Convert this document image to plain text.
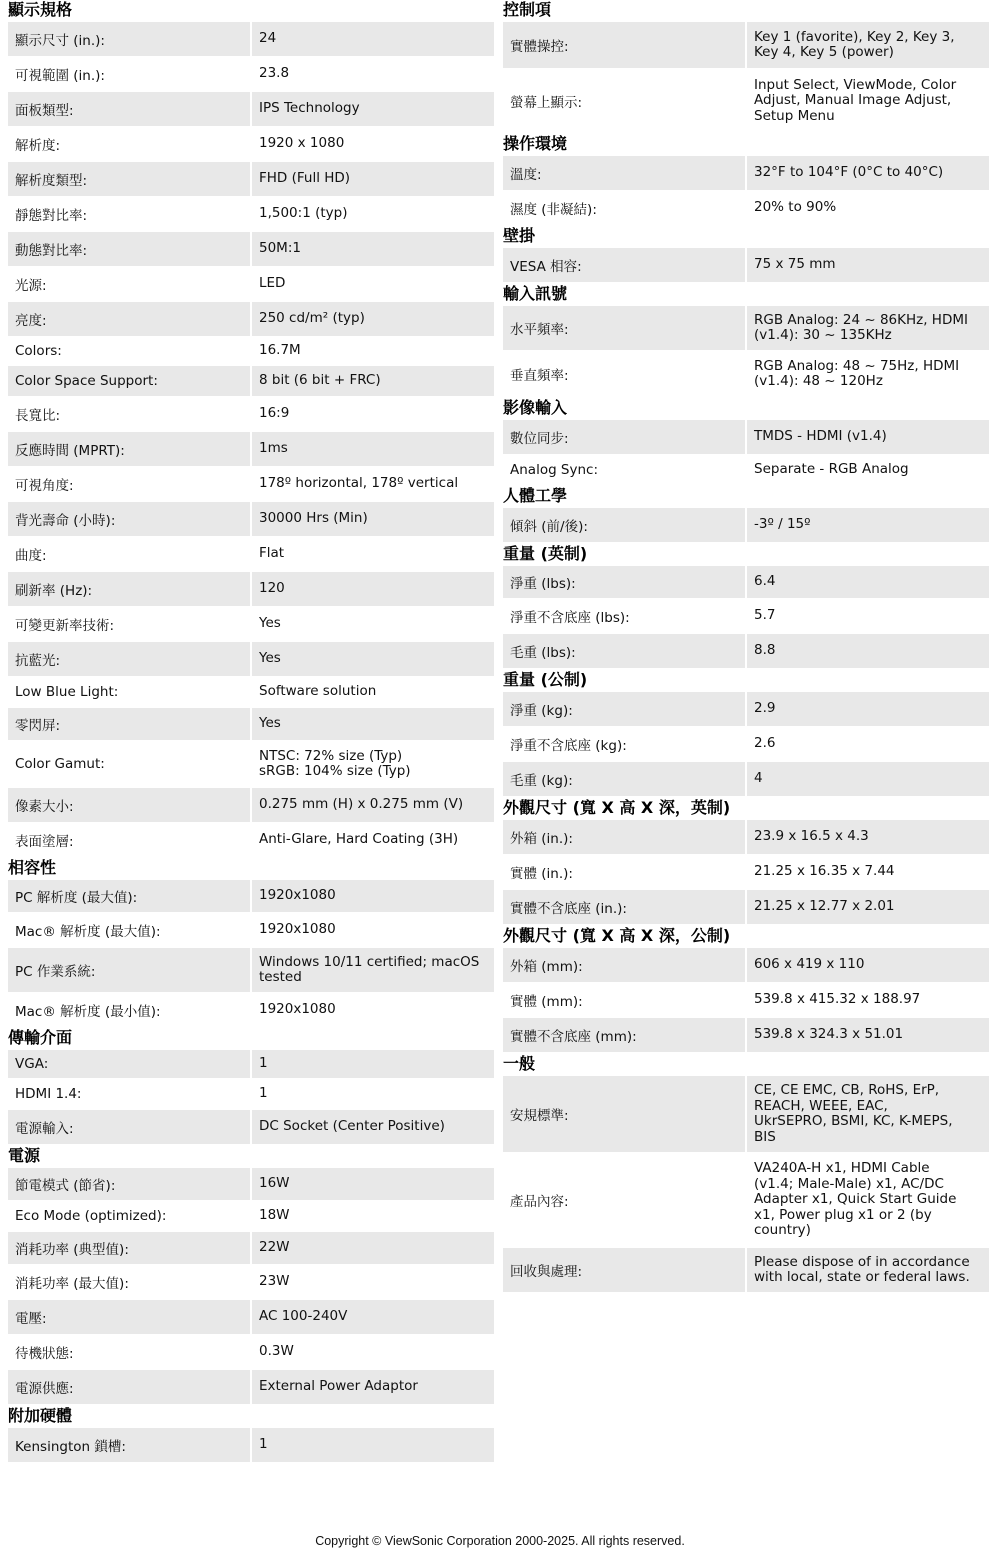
顯示規格
顯示尺寸 (in.):	24
可視範圍 (in.):	23.8
面板類型:	IPS Technology
解析度:	1920 x 1080
解析度類型:	FHD (Full HD)
靜態對比率:	1,500:1 (typ)
動態對比率:	50M:1
光源:	LED
亮度:	250 cd/m² (typ)
Colors:	16.7M
Color Space Support:	8 bit (6 bit + FRC)
長寬比:	16:9
反應時間 (MPRT):	1ms
可視角度:	178º horizontal, 178º vertical
背光壽命 (小時):	30000 Hrs (Min)
曲度:	Flat
刷新率 (Hz):	120
可變更新率技術:	Yes
抗藍光:	Yes
Low Blue Light:	Software solution
零閃屏:	Yes
Color Gamut:
NTSC: 72% size (Typ)
sRGB: 104% size (Typ)
像素大小:	0.275 mm (H) x 0.275 mm (V)
表面塗層:	Anti-Glare, Hard Coating (3H)
相容性
PC 解析度 (最大值):	1920x1080
Mac® 解析度 (最大值):	1920x1080
PC 作業系統:
Windows 10/11 certified; macOS
tested
Mac® 解析度 (最小值):	1920x1080
傳輸介面
VGA:	1
HDMI 1.4:	1
電源輸入:	DC Socket (Center Positive)
電源
節電模式 (節省):	16W
Eco Mode (optimized):	18W
消耗功率 (典型值):	22W
消耗功率 (最大值):	23W
電壓:	AC 100-240V
待機狀態:	0.3W
電源供應:	External Power Adaptor
附加硬體
Kensington 鎖槽:	1
控制項
實體操控:
Key 1 (favorite), Key 2, Key 3,
Key 4, Key 5 (power)
螢幕上顯示:
Input Select, ViewMode, Color
Adjust, Manual Image Adjust,
Setup Menu
操作環境
溫度:	32°F to 104°F (0°C to 40°C)
濕度 (非凝結):	20% to 90%
壁掛
VESA 相容:	75 x 75 mm
輸入訊號
水平頻率:
RGB Analog: 24 ~ 86KHz, HDMI
(v1.4): 30 ~ 135KHz
垂直頻率:
RGB Analog: 48 ~ 75Hz, HDMI
(v1.4): 48 ~ 120Hz
影像輸入
數位同步:	TMDS - HDMI (v1.4)
Analog Sync:	Separate - RGB Analog
人體工學
傾斜 (前/後):	-3º / 15º
重量 (英制)
淨重 (lbs):	6.4
淨重不含底座 (lbs):	5.7
毛重 (lbs):	8.8
重量 (公制)
淨重 (kg):	2.9
淨重不含底座 (kg):	2.6
毛重 (kg):	4
外觀尺寸 (寬 X 高 X 深，英制)
外箱 (in.):	23.9 x 16.5 x 4.3
實體 (in.):	21.25 x 16.35 x 7.44
實體不含底座 (in.):	21.25 x 12.77 x 2.01
外觀尺寸 (寬 X 高 X 深，公制)
外箱 (mm):	606 x 419 x 110
實體 (mm):	539.8 x 415.32 x 188.97
實體不含底座 (mm):	539.8 x 324.3 x 51.01
一般
安規標準:
CE, CE EMC, CB, RoHS, ErP,
REACH, WEEE, EAC,
UkrSEPRO, BSMI, KC, K-MEPS,
BIS
產品內容:
VA240A-H x1, HDMI Cable
(v1.4; Male-Male) x1, AC/DC
Adapter x1, Quick Start Guide
x1, Power plug x1 or 2 (by
country)
回收與處理:
Please dispose of in accordance
with local, state or federal laws.
Copyright © ViewSonic Corporation 2000-2025. All rights reserved.
